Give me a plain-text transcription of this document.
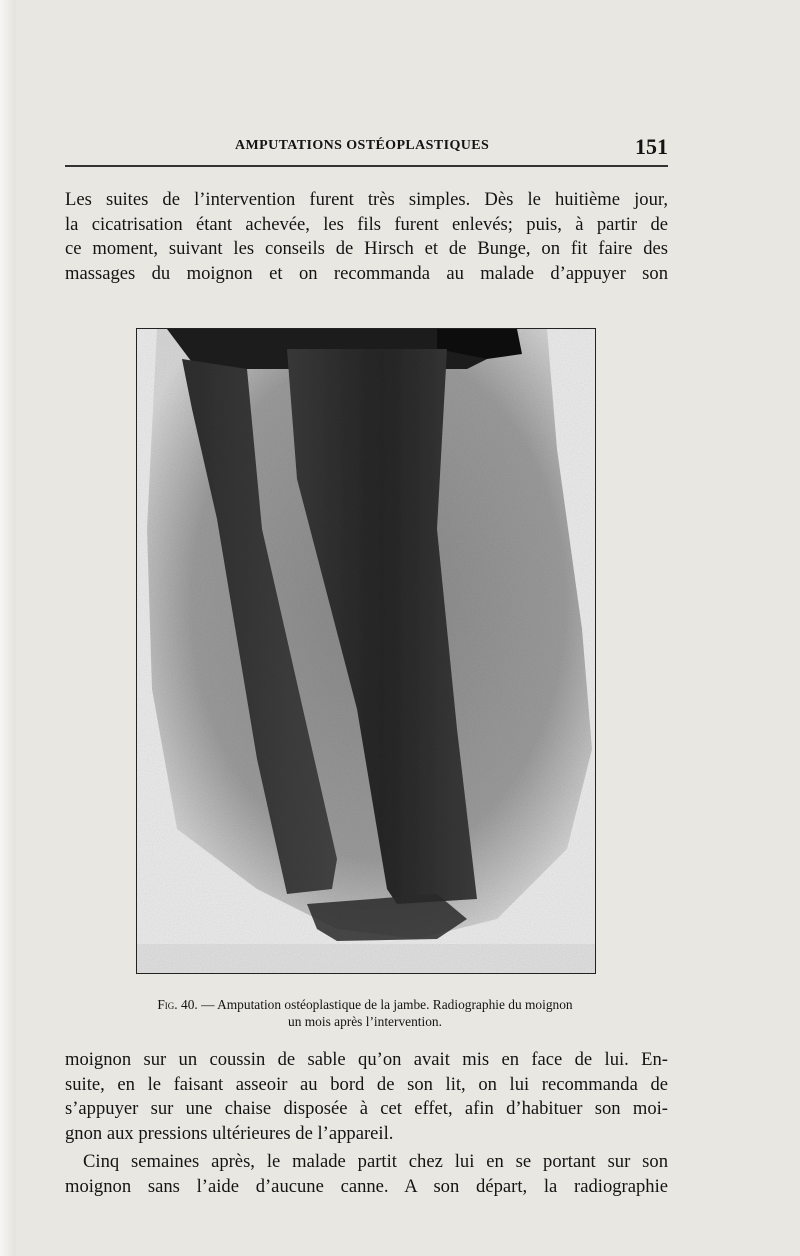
AMPUTATIONS OSTÉOPLASTIQUES	151
Les suites de l’intervention furent très simples. Dès le huitième jour,
la cicatrisation étant achevée, les fils furent enlevés; puis, à partir de
ce moment, suivant les conseils de Hirsch et de Bunge, on fit faire des
massages du moignon et on recommanda au malade d’appuyer son
Fig. 40. — Amputation ostéoplastique de la jambe. Radiographie du moignon
un mois après l’intervention.
moignon sur un coussin de sable qu’on avait mis en face de lui. En-
suite, en le faisant asseoir au bord de son lit, on lui recommanda de
s’appuyer sur une chaise disposée à cet effet, afin d’habituer son moi-
gnon aux pressions ultérieures de l’appareil.
Cinq semaines après, le malade partit chez lui en se portant sur son
moignon sans l’aide d’aucune canne. A son départ, la radiographie
